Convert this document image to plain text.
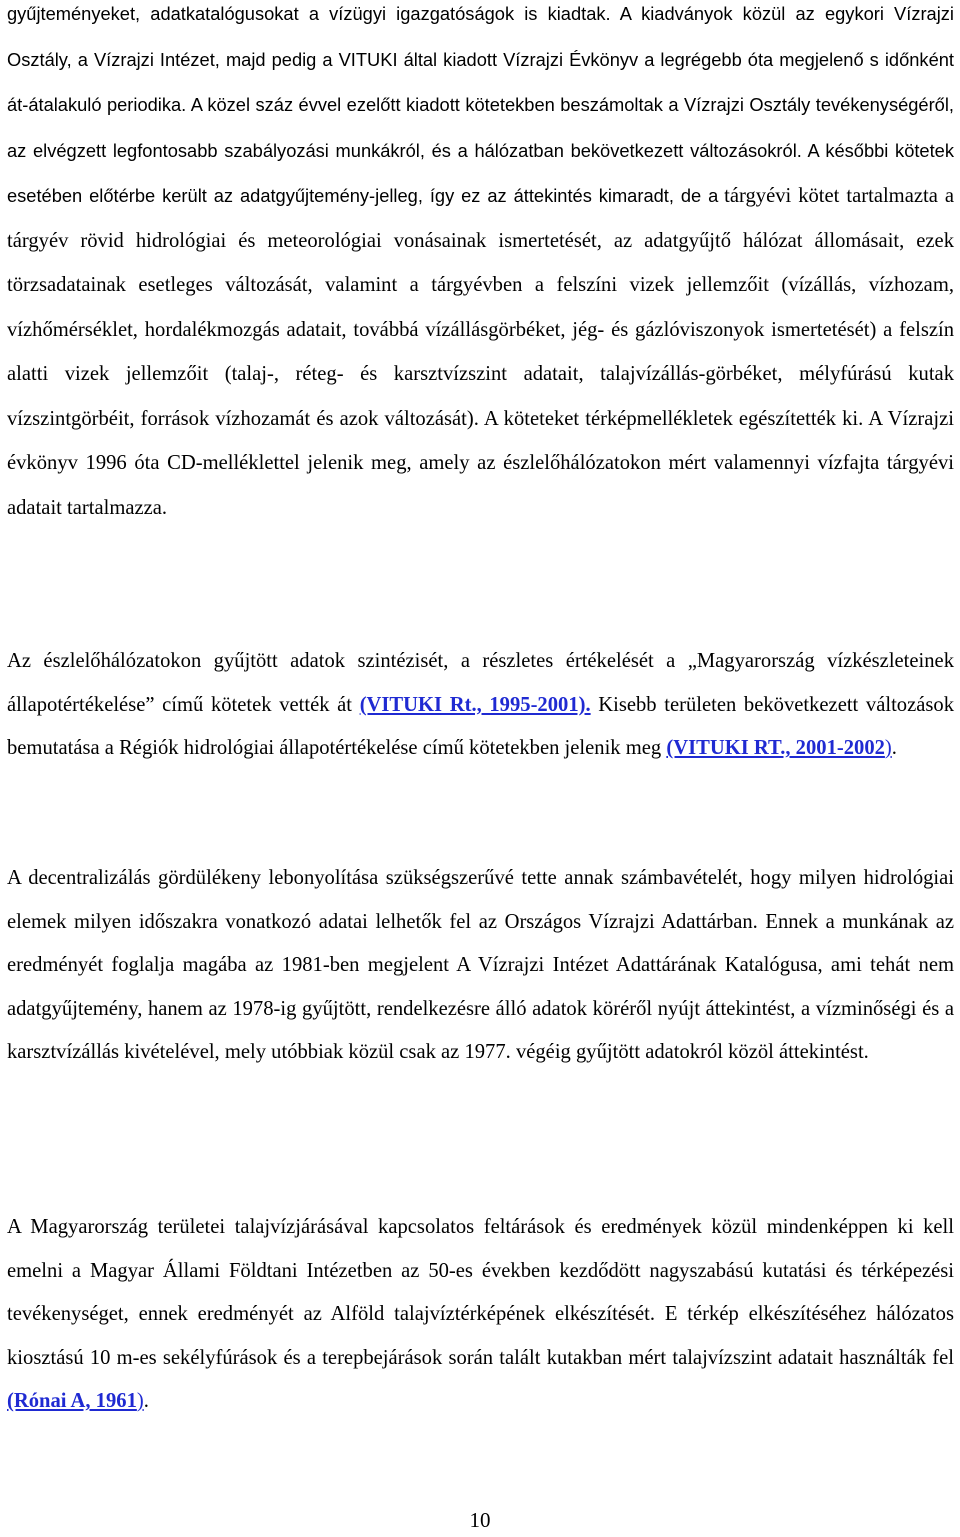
gyűjteményeket, adatkatalógusokat a vízügyi igazgatóságok is kiadtak. A kiadványok közül az egykori Vízrajzi Osztály, a Vízrajzi Intézet, majd pedig a VITUKI által kiadott Vízrajzi Évkönyv a legrégebb óta megjelenő s időnként át-átalakuló periodika. A közel száz évvel ezelőtt kiadott kötetekben beszámoltak a Vízrajzi Osztály tevékenységéről, az elvégzett legfontosabb szabályozási munkákról, és a hálózatban bekövetkezett változásokról. A későbbi kötetek esetében előtérbe került az adatgyűjtemény-jelleg, így ez az áttekintés kimaradt, de a tárgyévi kötet tartalmazta a tárgyév rövid hidrológiai és meteorológiai vonásainak ismertetését, az adatgyűjtő hálózat állomásait, ezek törzsadatainak esetleges változását, valamint a tárgyévben a felszíni vizek jellemzőit (vízállás, vízhozam, vízhőmérséklet, hordalékmozgás adatait, továbbá vízállásgörbéket, jég- és gázlóviszonyok ismertetését) a felszín alatti vizek jellemzőit (talaj-, réteg- és karsztvízszint adatait, talajvízállás-görbéket, mélyfúrású kutak vízszintgörbéit, források vízhozamát és azok változását). A köteteket térképmellékletek egészítették ki. A Vízrajzi évkönyv 1996 óta CD-melléklettel jelenik meg, amely az észlelőhálózatokon mért valamennyi vízfajta tárgyévi adatait tartalmazza.

Az észlelőhálózatokon gyűjtött adatok szintézisét, a részletes értékelését a „Magyarország vízkészleteinek állapotértékelése” című kötetek vették át (VITUKI Rt., 1995-2001). Kisebb területen bekövetkezett változások bemutatása a Régiók hidrológiai állapotértékelése című kötetekben jelenik meg (VITUKI RT., 2001-2002).

A decentralizálás gördülékeny lebonyolítása szükségszerűvé tette annak számbavételét, hogy milyen hidrológiai elemek milyen időszakra vonatkozó adatai lelhetők fel az Országos Vízrajzi Adattárban. Ennek a munkának az eredményét foglalja magába az 1981-ben megjelent A Vízrajzi Intézet Adattárának Katalógusa, ami tehát nem adatgyűjtemény, hanem az 1978-ig gyűjtött, rendelkezésre álló adatok köréről nyújt áttekintést, a vízminőségi és a karsztvízállás kivételével, mely utóbbiak közül csak az 1977. végéig gyűjtött adatokról közöl áttekintést.

A Magyarország területei talajvízjárásával kapcsolatos feltárások és eredmények közül mindenképpen ki kell emelni a Magyar Állami Földtani Intézetben az 50-es években kezdődött nagyszabású kutatási és térképezési tevékenységet, ennek eredményét az Alföld talajvíztérképének elkészítését. E térkép elkészítéséhez hálózatos kiosztású 10 m-es sekélyfúrások és a terepbejárások során talált kutakban mért talajvízszint adatait használták fel (Rónai A, 1961).

10
